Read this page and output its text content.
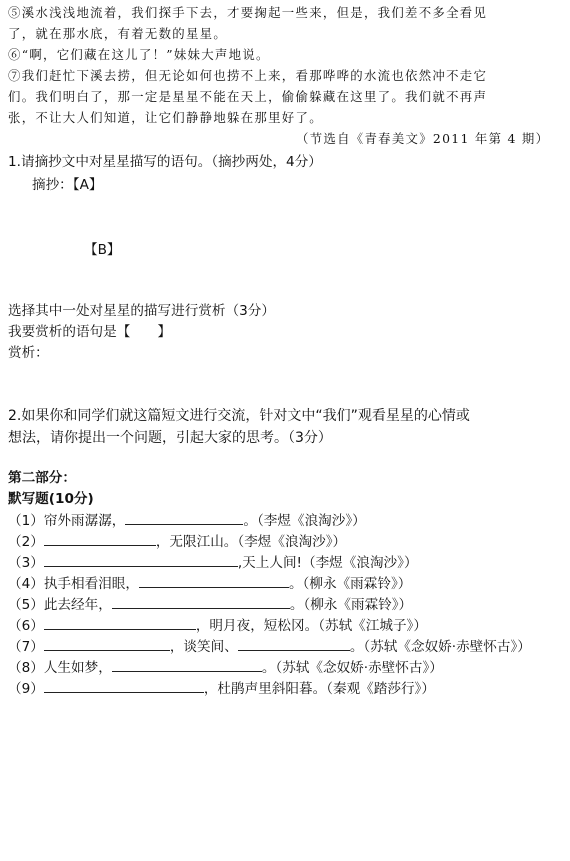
⑤溪水浅浅地流着，我们探手下去，才要掬起一些来，但是，我们差不多全看见
了，就在那水底，有着无数的星星。
⑥“啊，它们藏在这儿了！”妹妹大声地说。
⑦我们赶忙下溪去捞，但无论如何也捞不上来，看那哗哗的水流也依然冲不走它
们。我们明白了，那一定是星星不能在天上，偷偷躲藏在这里了。我们就不再声
张，不让大人们知道，让它们静静地躲在那里好了。
（节选自《青春美文》2011 年第 4 期）
1.请摘抄文中对星星描写的语句。（摘抄两处，4分）
摘抄：【A】
【B】
选择其中一处对星星的描写进行赏析（3分）
我要赏析的语句是【　　】
赏析：
2.如果你和同学们就这篇短文进行交流，针对文中“我们”观看星星的心情或
想法，请你提出一个问题，引起大家的思考。（3分）
第二部分：
默写题(10分)
（1）帘外雨潺潺，	。（李煜《浪淘沙》）
（2）	，无限江山。（李煜《浪淘沙》）
（3）	,天上人间!（李煜《浪淘沙》）
（4）执手相看泪眼，	。（柳永《雨霖铃》）
（5）此去经年，	。（柳永《雨霖铃》）
（6）	，明月夜，短松冈。（苏轼《江城子》）
（7）	，谈笑间、	。（苏轼《念奴娇·赤壁怀古》）
（8）人生如梦，	。（苏轼《念奴娇·赤壁怀古》）
（9）	，杜鹃声里斜阳暮。（秦观《踏莎行》）
